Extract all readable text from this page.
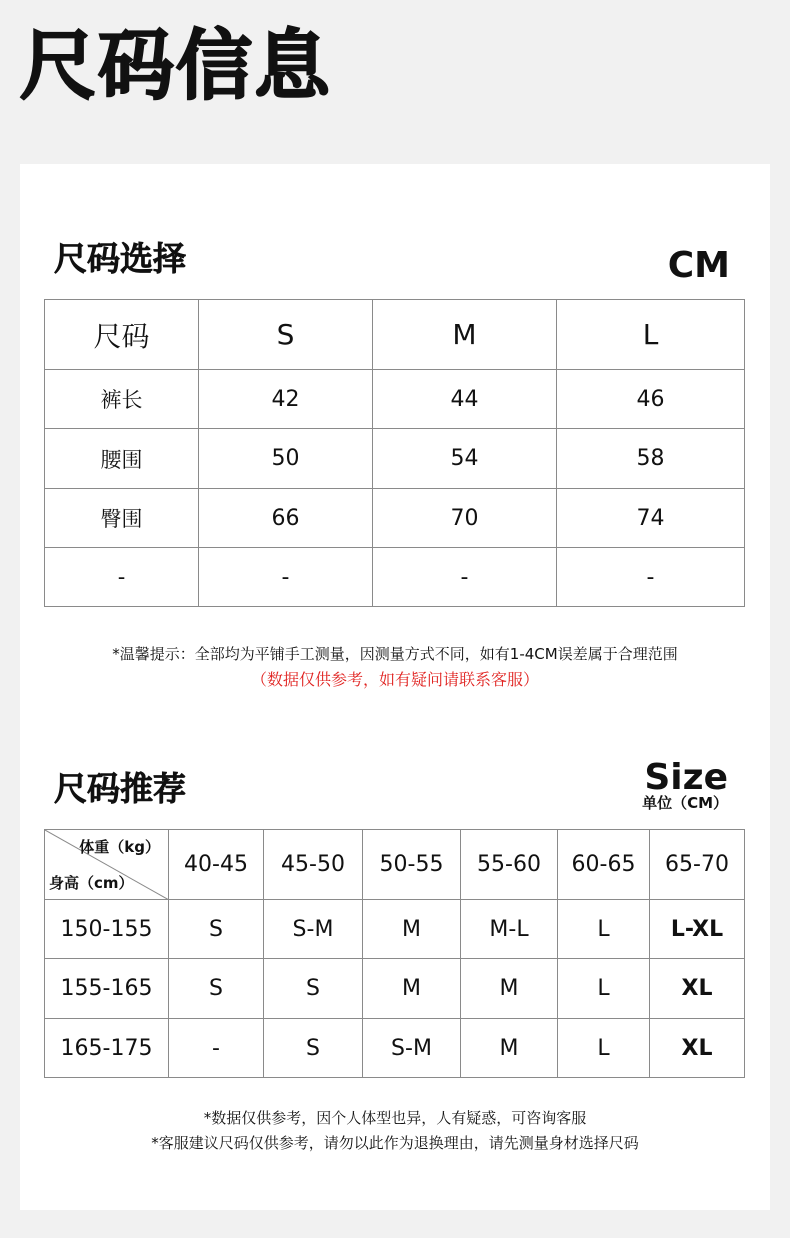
尺码信息
尺码选择	CM
尺码	S	M	L
裤长	42	44	46
腰围	50	54	58
臀围	66	70	74
-	-	-	-
*温馨提示：全部均为平铺手工测量，因测量方式不同，如有1-4CM误差属于合理范围
（数据仅供参考，如有疑问请联系客服）
尺码推荐	Size
单位（CM）
体重（kg）
身高（cm）	40-45	45-50	50-55	55-60	60-65	65-70
150-155	S	S-M	M	M-L	L	L-XL
155-165	S	S	M	M	L	XL
165-175	-	S	S-M	M	L	XL
*数据仅供参考，因个人体型也异，人有疑惑，可咨询客服
*客服建议尺码仅供参考，请勿以此作为退换理由，请先测量身材选择尺码
